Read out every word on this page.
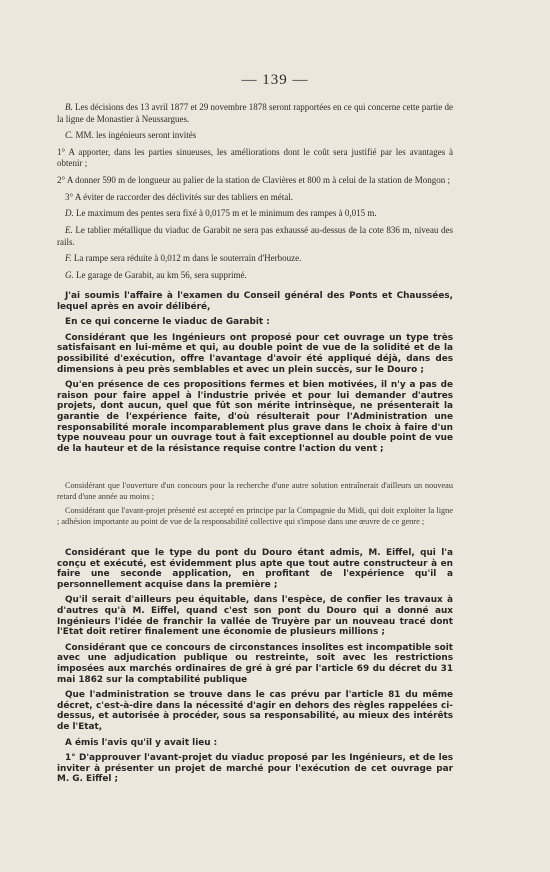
— 139 —

B. Les décisions des 13 avril 1877 et 29 novembre 1878 seront rapportées en ce qui concerne cette partie de la ligne de Monastier à Neussargues.

C. MM. les ingénieurs seront invités

1° A apporter, dans les parties sinueuses, les améliorations dont le coût sera justifié par les avantages à obtenir ;

2° A donner 590 m de longueur au palier de la station de Clavières et 800 m à celui de la station de Mongon ;

3° A éviter de raccorder des déclivités sur des tabliers en métal.

D. Le maximum des pentes sera fixé à 0,0175 m et le minimum des rampes à 0,015 m.

E. Le tablier métallique du viaduc de Garabit ne sera pas exhaussé au-dessus de la cote 836 m, niveau des rails.

F. La rampe sera réduite à 0,012 m dans le souterrain d'Herbouze.

G. Le garage de Garabit, au km 56, sera supprimé.

J'ai soumis l'affaire à l'examen du Conseil général des Ponts et Chaussées, lequel après en avoir délibéré,

En ce qui concerne le viaduc de Garabit :

Considérant que les Ingénieurs ont proposé pour cet ouvrage un type très satisfaisant en lui-même et qui, au double point de vue de la solidité et de la possibilité d'exécution, offre l'avantage d'avoir été appliqué déjà, dans des dimensions à peu près semblables et avec un plein succès, sur le Douro ;

Qu'en présence de ces propositions fermes et bien motivées, il n'y a pas de raison pour faire appel à l'industrie privée et pour lui demander d'autres projets, dont aucun, quel que fût son mérite intrinsèque, ne présenterait la garantie de l'expérience faite, d'où résulterait pour l'Administration une responsabilité morale incomparablement plus grave dans le choix à faire d'un type nouveau pour un ouvrage tout à fait exceptionnel au double point de vue de la hauteur et de la résistance requise contre l'action du vent ;

Considérant que l'ouverture d'un concours pour la recherche d'une autre solution entraînerait d'ailleurs un nouveau retard d'une année au moins ;

Considérant que l'avant-projet présenté est accepté en principe par la Compagnie du Midi, qui doit exploiter la ligne ; adhésion importante au point de vue de la responsabilité collective qui s'impose dans une œuvre de ce genre ;

Considérant que le type du pont du Douro étant admis, M. Eiffel, qui l'a conçu et exécuté, est évidemment plus apte que tout autre constructeur à en faire une seconde application, en profitant de l'expérience qu'il a personnellement acquise dans la première ;

Qu'il serait d'ailleurs peu équitable, dans l'espèce, de confier les travaux à d'autres qu'à M. Eiffel, quand c'est son pont du Douro qui a donné aux Ingénieurs l'idée de franchir la vallée de Truyère par un nouveau tracé dont l'Etat doit retirer finalement une économie de plusieurs millions ;

Considérant que ce concours de circonstances insolites est incompatible soit avec une adjudication publique ou restreinte, soit avec les restrictions imposées aux marchés ordinaires de gré à gré par l'article 69 du décret du 31 mai 1862 sur la comptabilité publique

Que l'administration se trouve dans le cas prévu par l'article 81 du même décret, c'est-à-dire dans la nécessité d'agir en dehors des règles rappelées ci-dessus, et autorisée à procéder, sous sa responsabilité, au mieux des intérêts de l'Etat,

A émis l'avis qu'il y avait lieu :

1° D'approuver l'avant-projet du viaduc proposé par les Ingénieurs, et de les inviter à présenter un projet de marché pour l'exécution de cet ouvrage par M. G. Eiffel ;
